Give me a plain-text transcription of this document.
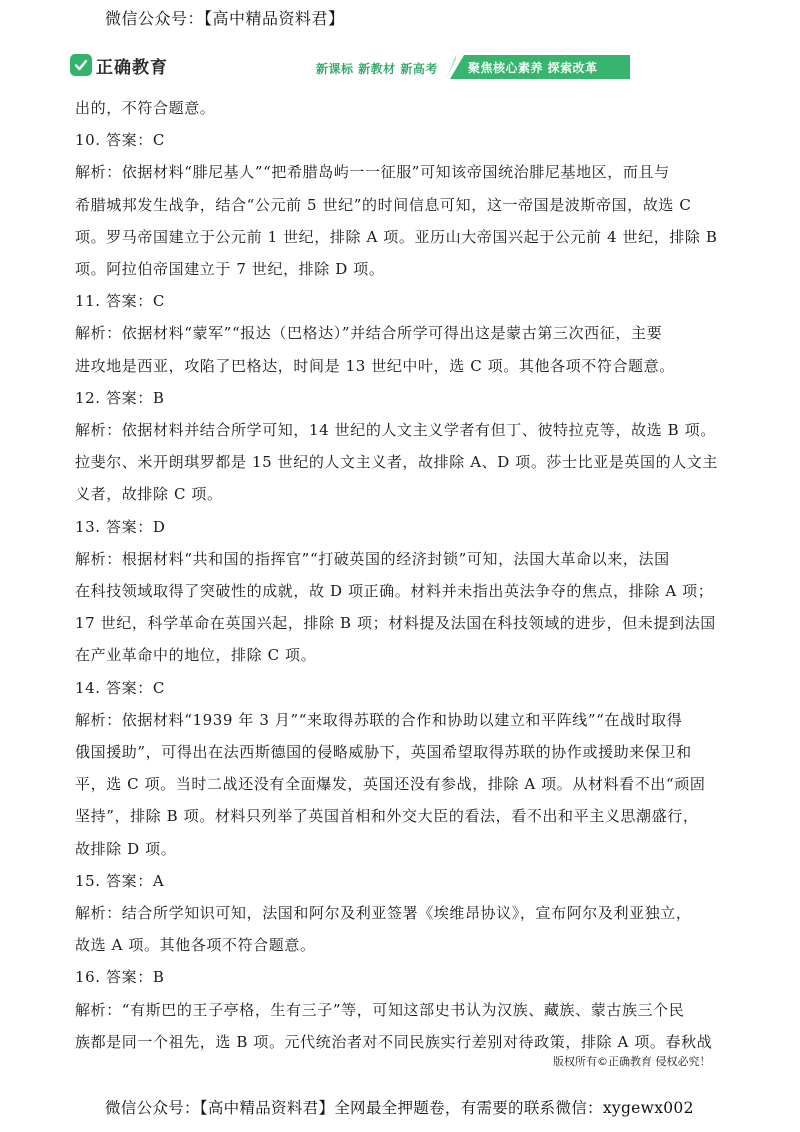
微信公众号：【高中精品资料君】
正确教育	新课标 新教材 新高考	聚焦核心素养 探索改革

出的，不符合题意。

10. 答案：C

解析：依据材料“腓尼基人”“把希腊岛屿一一征服”可知该帝国统治腓尼基地区，而且与

希腊城邦发生战争，结合“公元前 5 世纪”的时间信息可知，这一帝国是波斯帝国，故选 C

项。罗马帝国建立于公元前 1 世纪，排除 A 项。亚历山大帝国兴起于公元前 4 世纪，排除 B

项。阿拉伯帝国建立于 7 世纪，排除 D 项。

11. 答案：C

解析：依据材料“蒙军”“报达（巴格达）”并结合所学可得出这是蒙古第三次西征，主要

进攻地是西亚，攻陷了巴格达，时间是 13 世纪中叶，选 C 项。其他各项不符合题意。

12. 答案：B

解析：依据材料并结合所学可知，14 世纪的人文主义学者有但丁、彼特拉克等，故选 B 项。

拉斐尔、米开朗琪罗都是 15 世纪的人文主义者，故排除 A、D 项。莎士比亚是英国的人文主

义者，故排除 C 项。

13. 答案：D

解析：根据材料“共和国的指挥官”“打破英国的经济封锁”可知，法国大革命以来，法国

在科技领域取得了突破性的成就，故 D 项正确。材料并未指出英法争夺的焦点，排除 A 项；

17 世纪，科学革命在英国兴起，排除 B 项；材料提及法国在科技领域的进步，但未提到法国

在产业革命中的地位，排除 C 项。

14. 答案：C

解析：依据材料“1939 年 3 月”“来取得苏联的合作和协助以建立和平阵线”“在战时取得

俄国援助”，可得出在法西斯德国的侵略威胁下，英国希望取得苏联的协作或援助来保卫和

平，选 C 项。当时二战还没有全面爆发，英国还没有参战，排除 A 项。从材料看不出“顽固

坚持”，排除 B 项。材料只列举了英国首相和外交大臣的看法，看不出和平主义思潮盛行，

故排除 D 项。

15. 答案：A

解析：结合所学知识可知，法国和阿尔及利亚签署《埃维昂协议》，宣布阿尔及利亚独立，

故选 A 项。其他各项不符合题意。

16. 答案：B

解析：“有斯巴的王子亭格，生有三子”等，可知这部史书认为汉族、藏族、蒙古族三个民

族都是同一个祖先，选 B 项。元代统治者对不同民族实行差别对待政策，排除 A 项。春秋战

版权所有©正确教育 侵权必究！
微信公众号：【高中精品资料君】全网最全押题卷，有需要的联系微信：xygewx002
